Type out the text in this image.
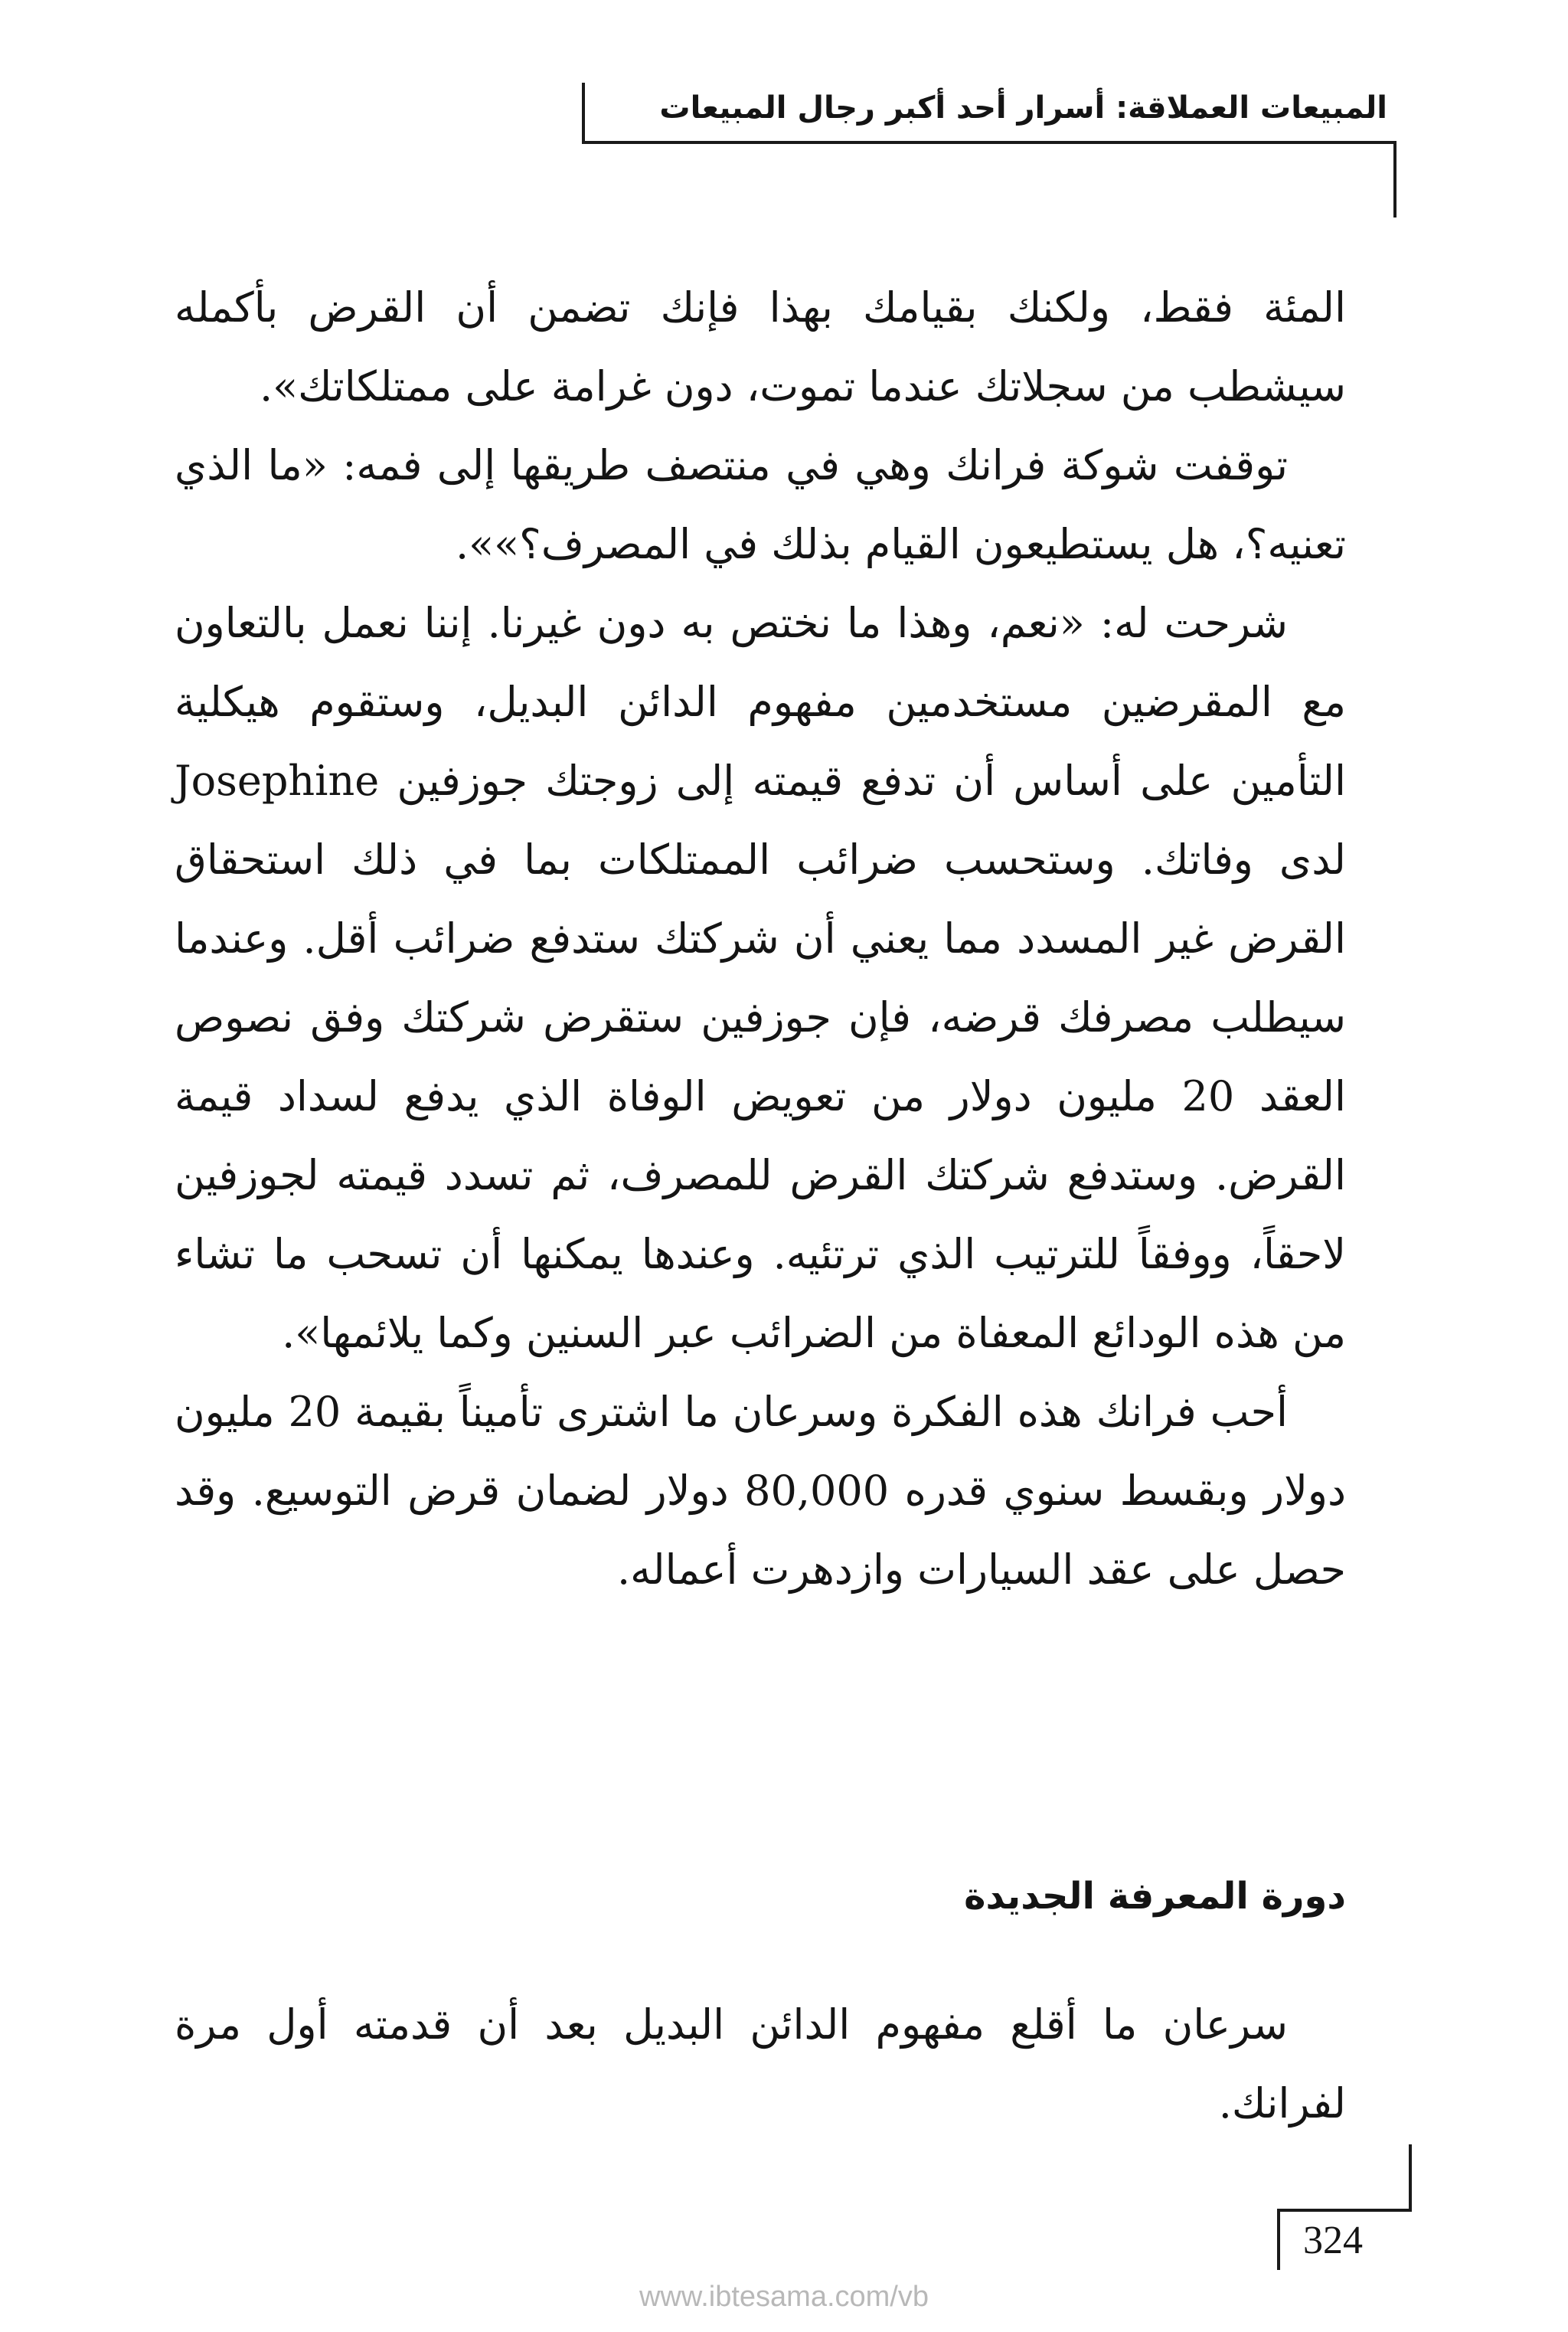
المبيعات العملاقة: أسرار أحد أكبر رجال المبيعات

المئة فقط، ولكنك بقيامك بهذا فإنك تضمن أن القرض بأكمله سيشطب من سجلاتك عندما تموت، دون غرامة على ممتلكاتك».

توقفت شوكة فرانك وهي في منتصف طريقها إلى فمه: «ما الذي تعنيه؟، هل يستطيعون القيام بذلك في المصرف؟»».

شرحت له: «نعم، وهذا ما نختص به دون غيرنا. إننا نعمل بالتعاون مع المقرضين مستخدمين مفهوم الدائن البديل، وستقوم هيكلية التأمين على أساس أن تدفع قيمته إلى زوجتك جوزفين Josephine لدى وفاتك. وستحسب ضرائب الممتلكات بما في ذلك استحقاق القرض غير المسدد مما يعني أن شركتك ستدفع ضرائب أقل. وعندما سيطلب مصرفك قرضه، فإن جوزفين ستقرض شركتك وفق نصوص العقد 20 مليون دولار من تعويض الوفاة الذي يدفع لسداد قيمة القرض. وستدفع شركتك القرض للمصرف، ثم تسدد قيمته لجوزفين لاحقاً، ووفقاً للترتيب الذي ترتئيه. وعندها يمكنها أن تسحب ما تشاء من هذه الودائع المعفاة من الضرائب عبر السنين وكما يلائمها».

أحب فرانك هذه الفكرة وسرعان ما اشترى تأميناً بقيمة 20 مليون دولار وبقسط سنوي قدره 80,000 دولار لضمان قرض التوسيع. وقد حصل على عقد السيارات وازدهرت أعماله.

دورة المعرفة الجديدة

سرعان ما أقلع مفهوم الدائن البديل بعد أن قدمته أول مرة لفرانك.

324
www.ibtesama.com/vb
